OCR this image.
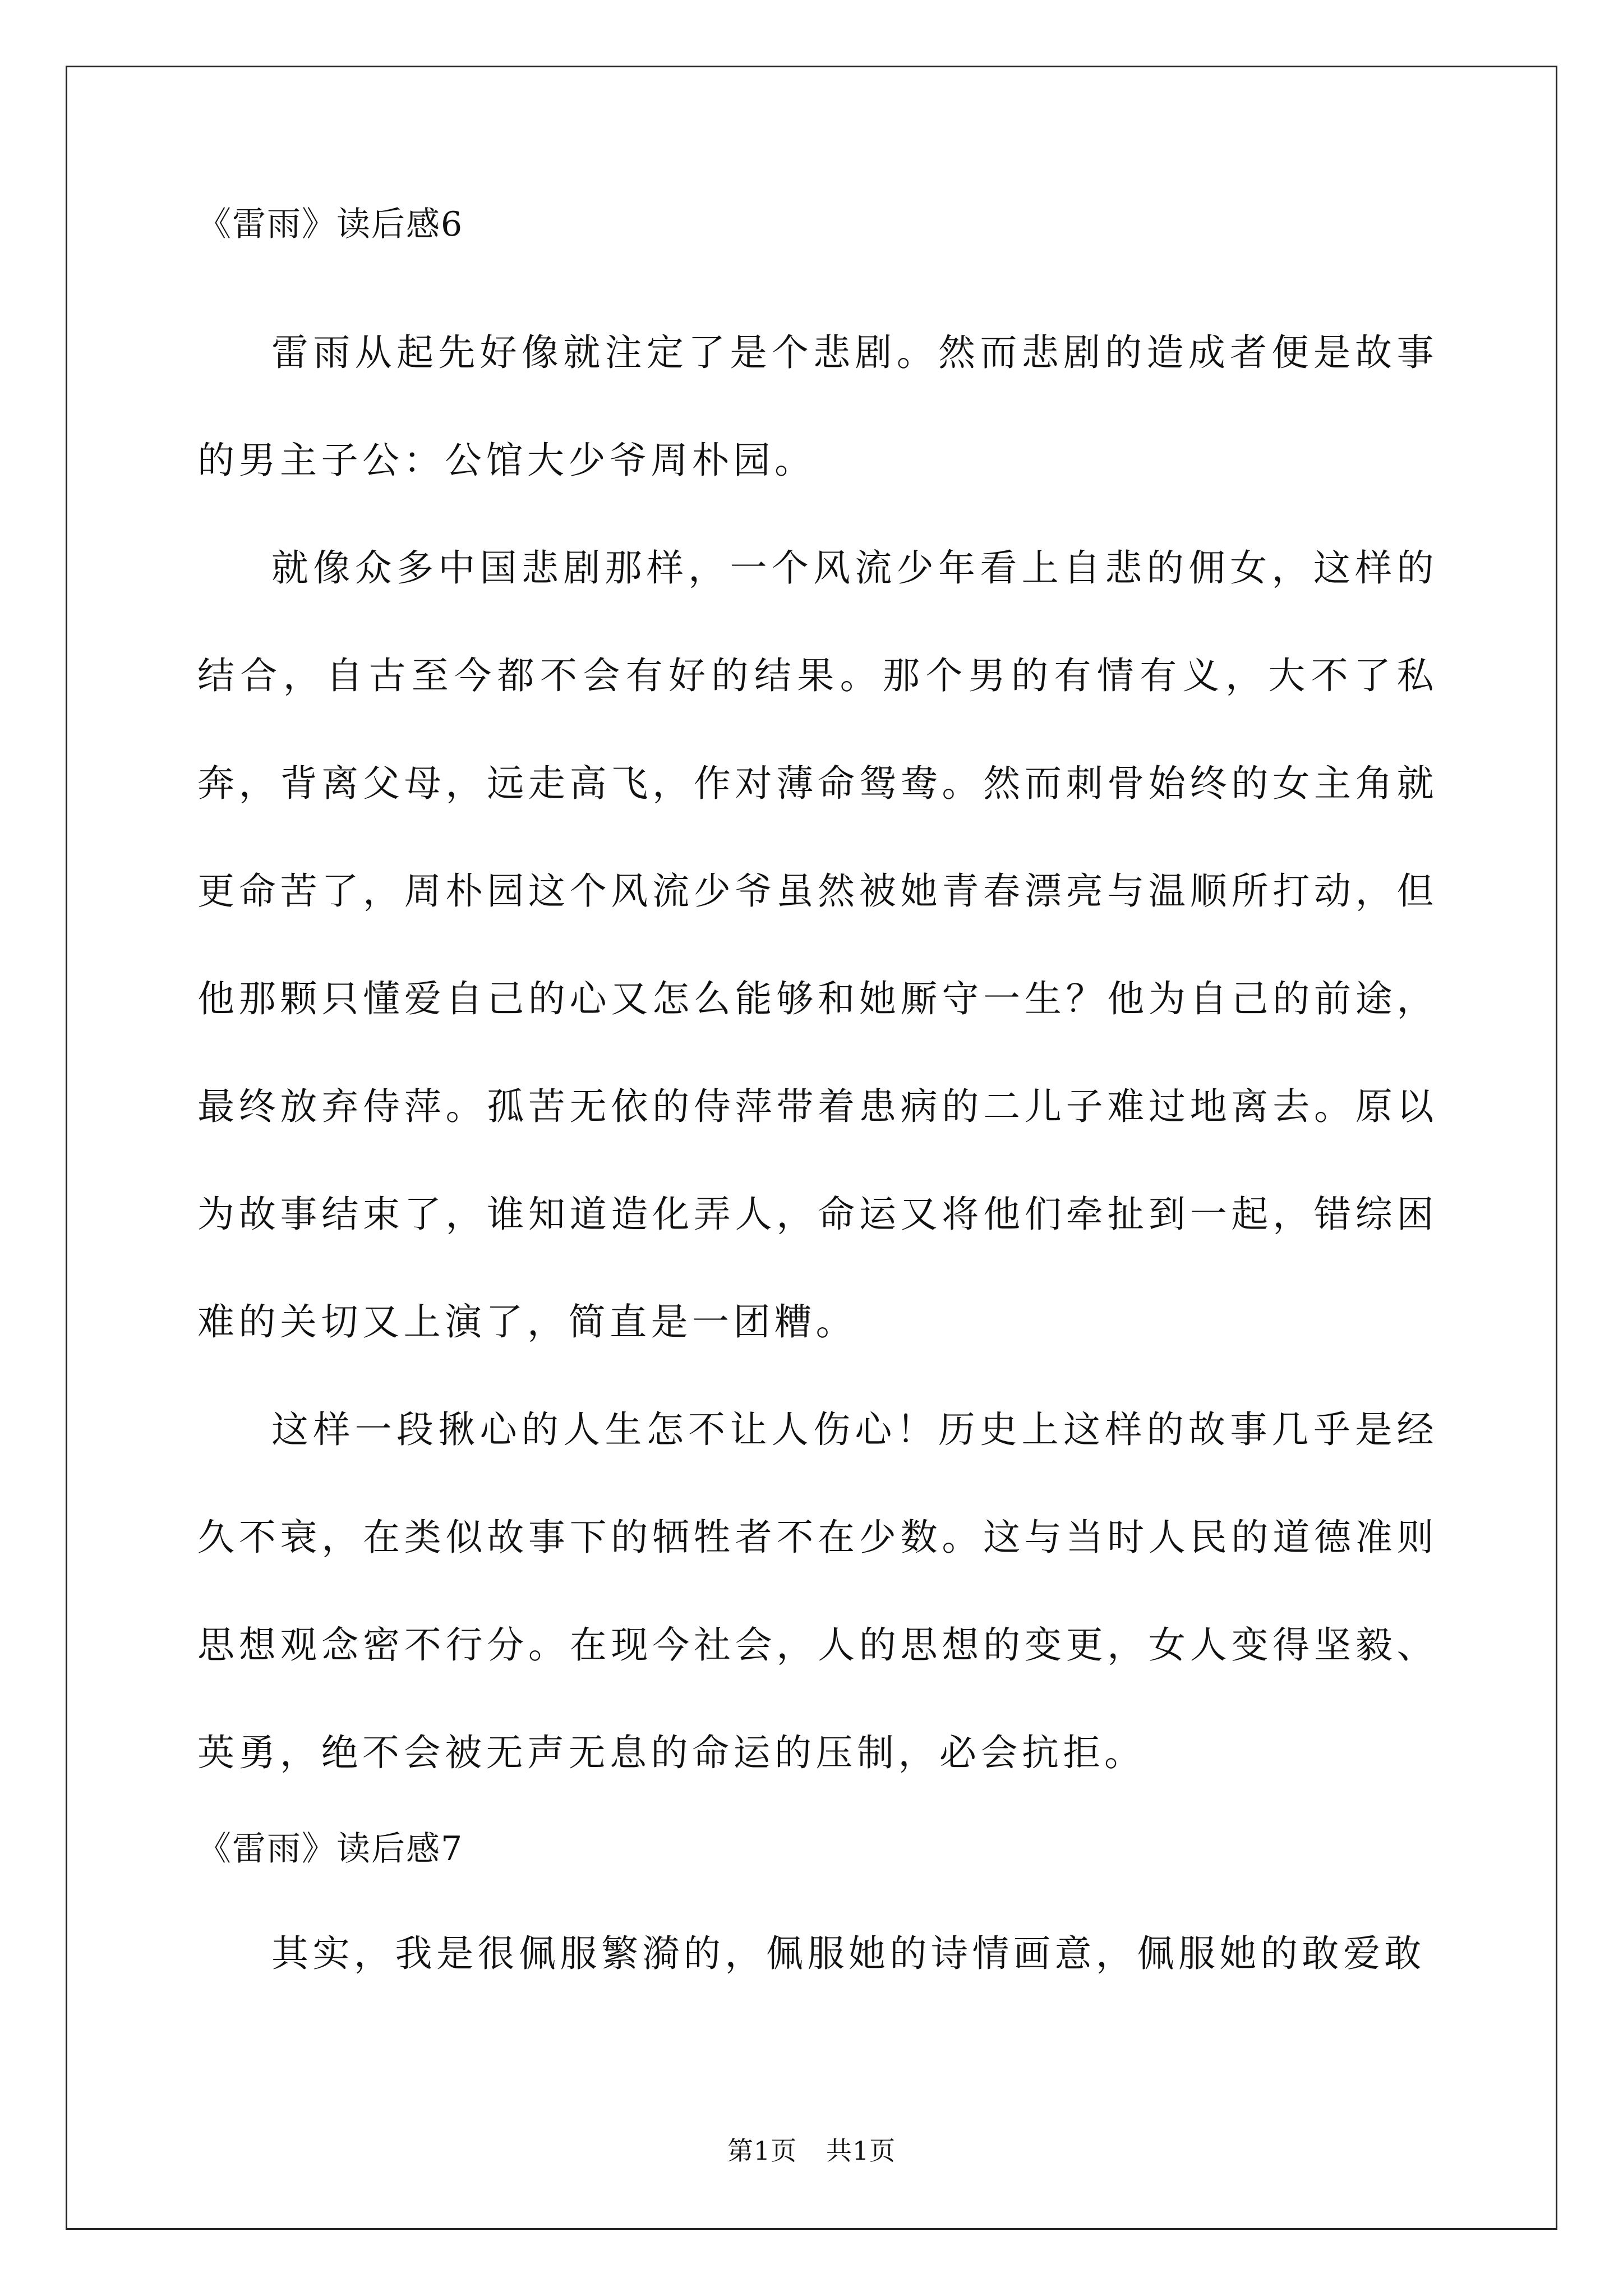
《雷雨》读后感6

雷雨从起先好像就注定了是个悲剧。然而悲剧的造成者便是故事的男主子公：公馆大少爷周朴园。

就像众多中国悲剧那样，一个风流少年看上自悲的佣女，这样的结合，自古至今都不会有好的结果。那个男的有情有义，大不了私奔，背离父母，远走高飞，作对薄命鸳鸯。然而刺骨始终的女主角就更命苦了，周朴园这个风流少爷虽然被她青春漂亮与温顺所打动，但他那颗只懂爱自己的心又怎么能够和她厮守一生？他为自己的前途，最终放弃侍萍。孤苦无依的侍萍带着患病的二儿子难过地离去。原以为故事结束了，谁知道造化弄人，命运又将他们牵扯到一起，错综困难的关切又上演了，简直是一团糟。

这样一段揪心的人生怎不让人伤心！历史上这样的故事几乎是经久不衰，在类似故事下的牺牲者不在少数。这与当时人民的道德准则思想观念密不行分。在现今社会，人的思想的变更，女人变得坚毅、英勇，绝不会被无声无息的命运的压制，必会抗拒。

《雷雨》读后感7

其实，我是很佩服繁漪的，佩服她的诗情画意，佩服她的敢爱敢

第1页 共1页
